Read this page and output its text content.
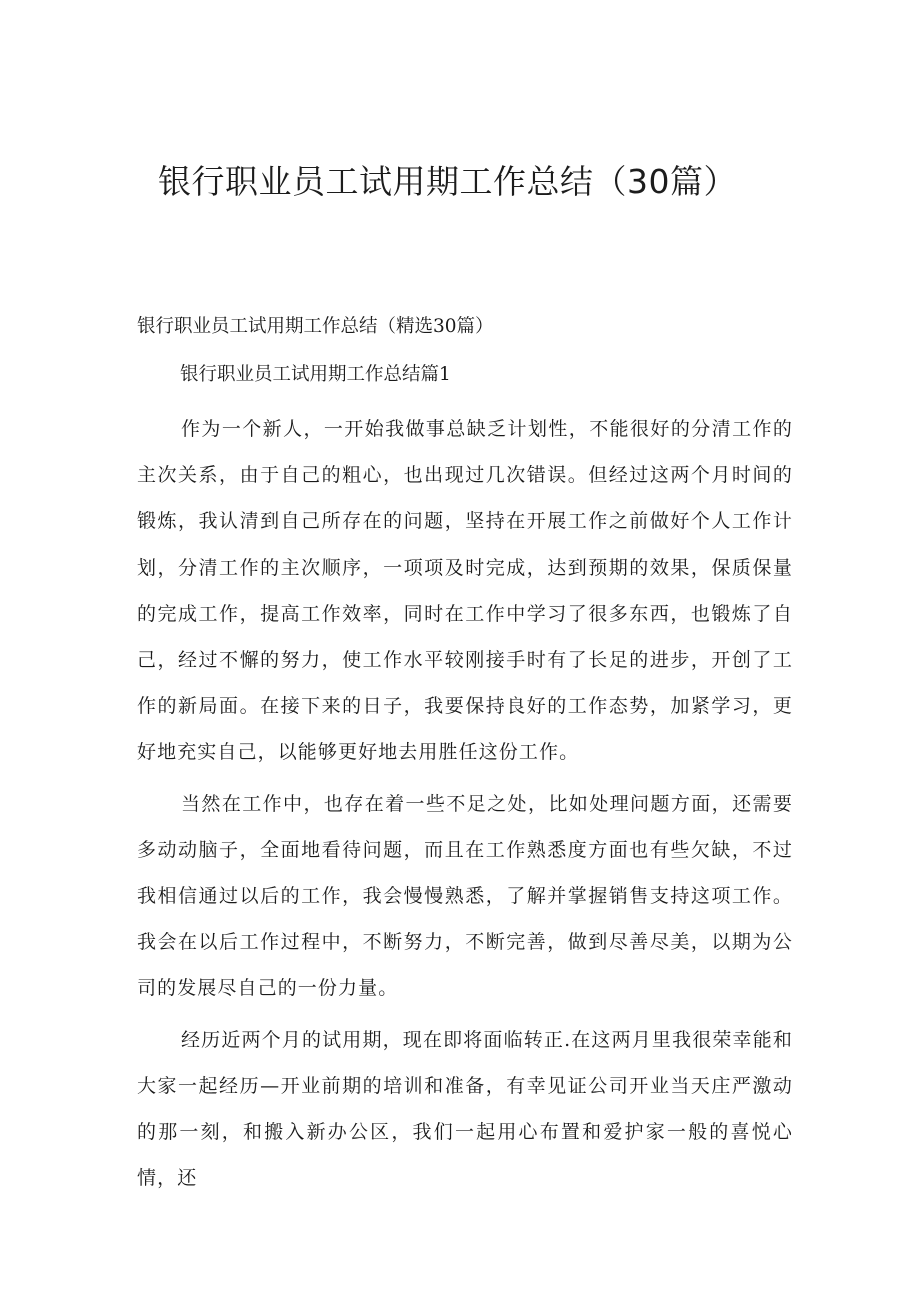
银行职业员工试用期工作总结（30篇）

银行职业员工试用期工作总结（精选30篇）

银行职业员工试用期工作总结篇1

作为一个新人，一开始我做事总缺乏计划性，不能很好的分清工作的主次关系，由于自己的粗心，也出现过几次错误。但经过这两个月时间的锻炼，我认清到自己所存在的问题，坚持在开展工作之前做好个人工作计划，分清工作的主次顺序，一项项及时完成，达到预期的效果，保质保量的完成工作，提高工作效率，同时在工作中学习了很多东西，也锻炼了自己，经过不懈的努力，使工作水平较刚接手时有了长足的进步，开创了工作的新局面。在接下来的日子，我要保持良好的工作态势，加紧学习，更好地充实自己，以能够更好地去用胜任这份工作。

当然在工作中，也存在着一些不足之处，比如处理问题方面，还需要多动动脑子，全面地看待问题，而且在工作熟悉度方面也有些欠缺，不过我相信通过以后的工作，我会慢慢熟悉，了解并掌握销售支持这项工作。我会在以后工作过程中，不断努力，不断完善，做到尽善尽美，以期为公司的发展尽自己的一份力量。

经历近两个月的试用期，现在即将面临转正.在这两月里我很荣幸能和大家一起经历—开业前期的培训和准备，有幸见证公司开业当天庄严激动的那一刻，和搬入新办公区，我们一起用心布置和爱护家一般的喜悦心情，还
